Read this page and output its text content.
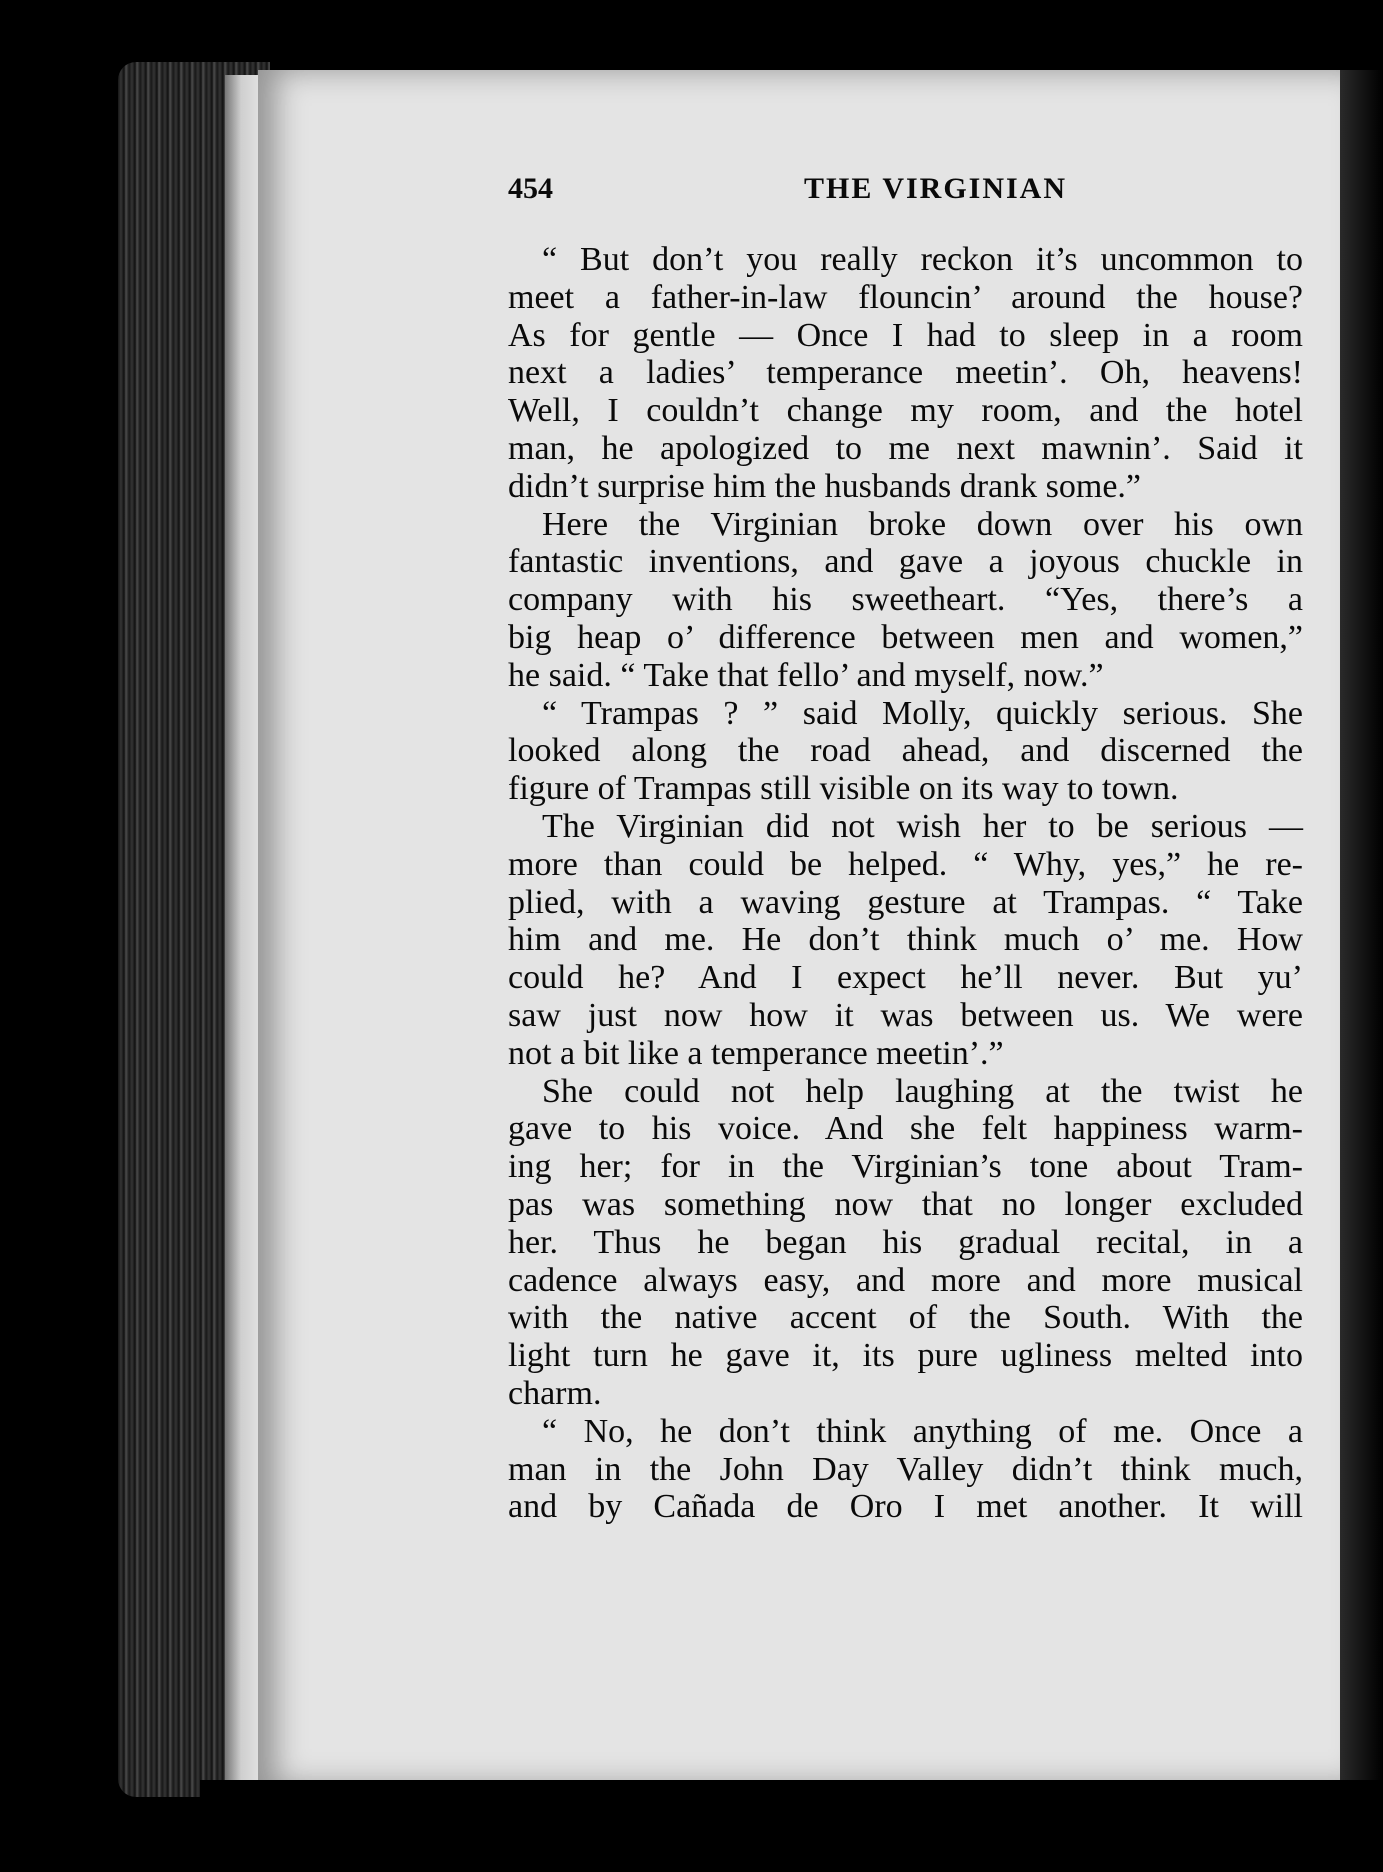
454	THE VIRGINIAN
“ But don’t you really reckon it’s uncommon to
meet a father-in-law flouncin’ around the house?
As for gentle — Once I had to sleep in a room
next a ladies’ temperance meetin’. Oh, heavens!
Well, I couldn’t change my room, and the hotel
man, he apologized to me next mawnin’. Said it
didn’t surprise him the husbands drank some.”
Here the Virginian broke down over his own
fantastic inventions, and gave a joyous chuckle in
company with his sweetheart. “Yes, there’s a
big heap o’ difference between men and women,”
he said. “ Take that fello’ and myself, now.”
“ Trampas ? ” said Molly, quickly serious. She
looked along the road ahead, and discerned the
figure of Trampas still visible on its way to town.
The Virginian did not wish her to be serious —
more than could be helped. “ Why, yes,” he re-
plied, with a waving gesture at Trampas. “ Take
him and me. He don’t think much o’ me. How
could he? And I expect he’ll never. But yu’
saw just now how it was between us. We were
not a bit like a temperance meetin’.”
She could not help laughing at the twist he
gave to his voice. And she felt happiness warm-
ing her; for in the Virginian’s tone about Tram-
pas was something now that no longer excluded
her. Thus he began his gradual recital, in a
cadence always easy, and more and more musical
with the native accent of the South. With the
light turn he gave it, its pure ugliness melted into
charm.
“ No, he don’t think anything of me. Once a
man in the John Day Valley didn’t think much,
and by Cañada de Oro I met another. It will
